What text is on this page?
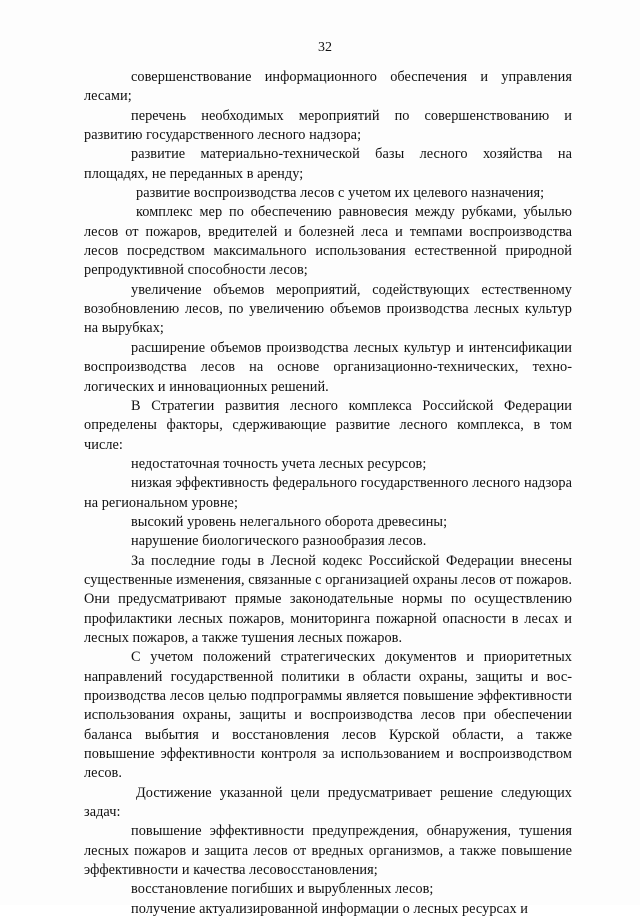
32

совершенствование информационного обеспечения и управления лесами;

перечень необходимых мероприятий по совершенствованию и развитию государственного лесного надзора;

развитие материально-технической базы лесного хозяйства на площадях, не переданных в аренду;

развитие воспроизводства лесов с учетом их целевого назначения;

комплекс мер по обеспечению равновесия между рубками, убылью лесов от пожаров, вредителей и болезней леса и темпами воспроизводства лесов посредством максимального использования естественной природной репродуктивной способности лесов;

увеличение объемов мероприятий, содействующих естественному возобновлению лесов, по увеличению объемов производства лесных культур на вырубках;

расширение объемов производства лесных культур и интенсификации воспроизводства лесов на основе организационно-технических, технологических и инновационных решений.

В Стратегии развития лесного комплекса Российской Федерации определены факторы, сдерживающие развитие лесного комплекса, в том числе:

недостаточная точность учета лесных ресурсов;

низкая эффективность федерального государственного лесного надзора на региональном уровне;

высокий уровень нелегального оборота древесины;

нарушение биологического разнообразия лесов.

За последние годы в Лесной кодекс Российской Федерации внесены существенные изменения, связанные с организацией охраны лесов от пожаров. Они предусматривают прямые законодательные нормы по осуществлению профилактики лесных пожаров, мониторинга пожарной опасности в лесах и лесных пожаров, а также тушения лесных пожаров.

С учетом положений стратегических документов и приоритетных направлений государственной политики в области охраны, защиты и воспроизводства лесов целью подпрограммы является повышение эффективности использования охраны, защиты и воспроизводства лесов при обеспечении баланса выбытия и восстановления лесов Курской области, а также повышение эффективности контроля за использованием и воспроизводством лесов.

Достижение указанной цели предусматривает решение следующих задач:

повышение эффективности предупреждения, обнаружения, тушения лесных пожаров и защита лесов от вредных организмов, а также повышение эффективности и качества лесовосстановления;

восстановление погибших и вырубленных лесов;

получение актуализированной информации о лесных ресурсах и
